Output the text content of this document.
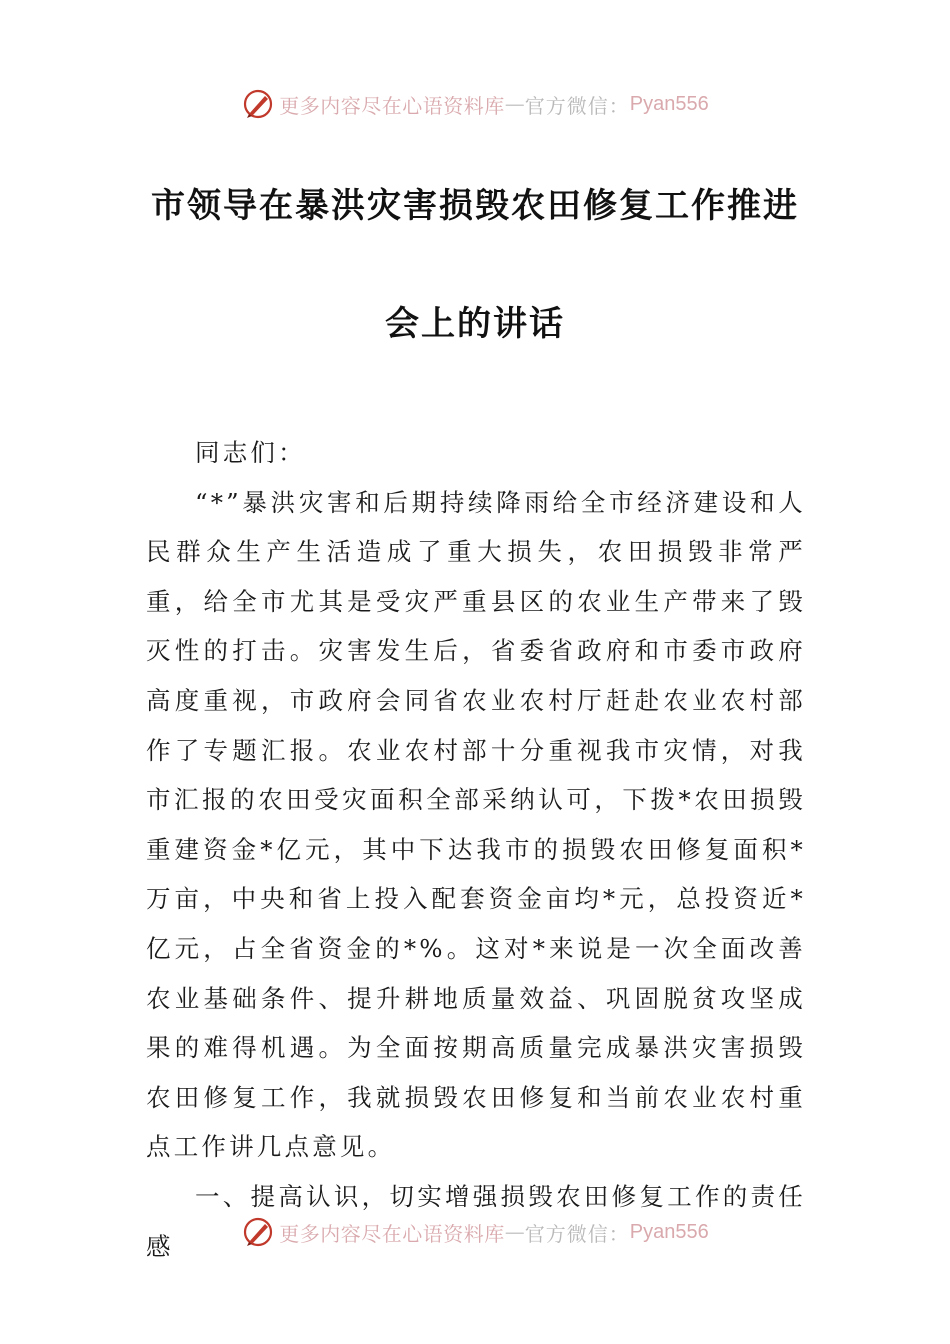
更多内容尽在心语资料库 — 官方微信： Pyan556
市领导在暴洪灾害损毁农田修复工作推进
会上的讲话

同志们：

“*”暴洪灾害和后期持续降雨给全市经济建设和人民群众生产生活造成了重大损失，农田损毁非常严重，给全市尤其是受灾严重县区的农业生产带来了毁灭性的打击。灾害发生后，省委省政府和市委市政府高度重视，市政府会同省农业农村厅赶赴农业农村部作了专题汇报。农业农村部十分重视我市灾情，对我市汇报的农田受灾面积全部采纳认可，下拨*农田损毁重建资金*亿元，其中下达我市的损毁农田修复面积*万亩，中央和省上投入配套资金亩均*元，总投资近*亿元，占全省资金的*%。这对*来说是一次全面改善农业基础条件、提升耕地质量效益、巩固脱贫攻坚成果的难得机遇。为全面按期高质量完成暴洪灾害损毁农田修复工作，我就损毁农田修复和当前农业农村重点工作讲几点意见。

一、提高认识，切实增强损毁农田修复工作的责任感	更多内容尽在心语资料库 — 官方微信： Pyan556
